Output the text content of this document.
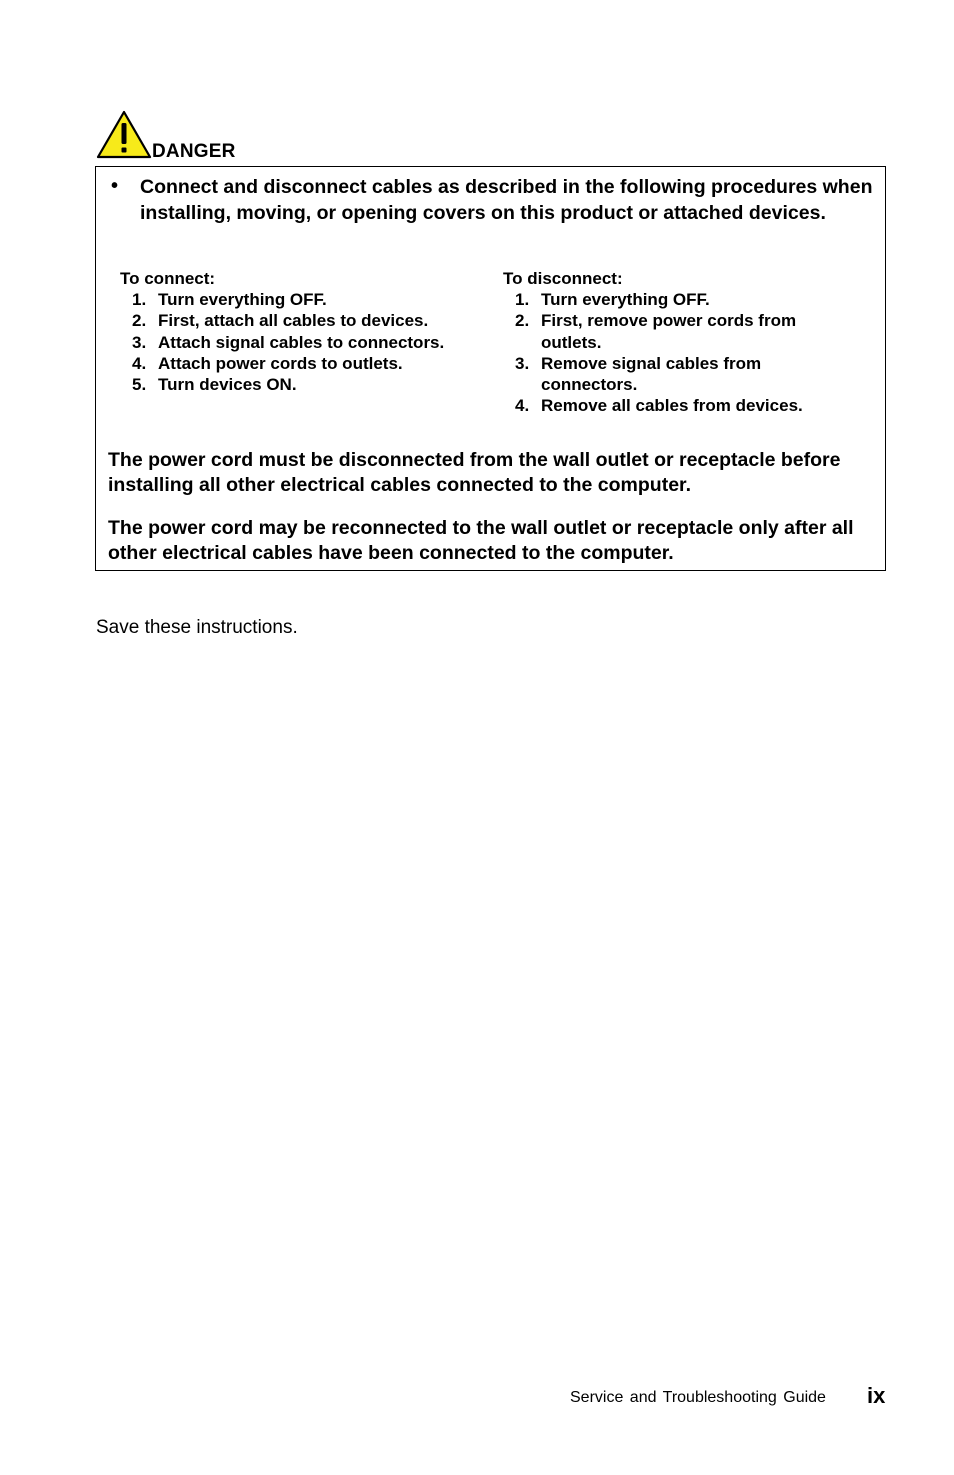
DANGER
• Connect and disconnect cables as described in the following procedures when installing, moving, or opening covers on this product or attached devices.

To connect:

1. Turn everything OFF.
2. First, attach all cables to devices.
3. Attach signal cables to connectors.
4. Attach power cords to outlets.
5. Turn devices ON.

To disconnect:

1. Turn everything OFF.
2. First, remove power cords from outlets.
3. Remove signal cables from connectors.
4. Remove all cables from devices.

The power cord must be disconnected from the wall outlet or receptacle before installing all other electrical cables connected to the computer.

The power cord may be reconnected to the wall outlet or receptacle only after all other electrical cables have been connected to the computer.

Save these instructions.

Service and Troubleshooting Guide ix
